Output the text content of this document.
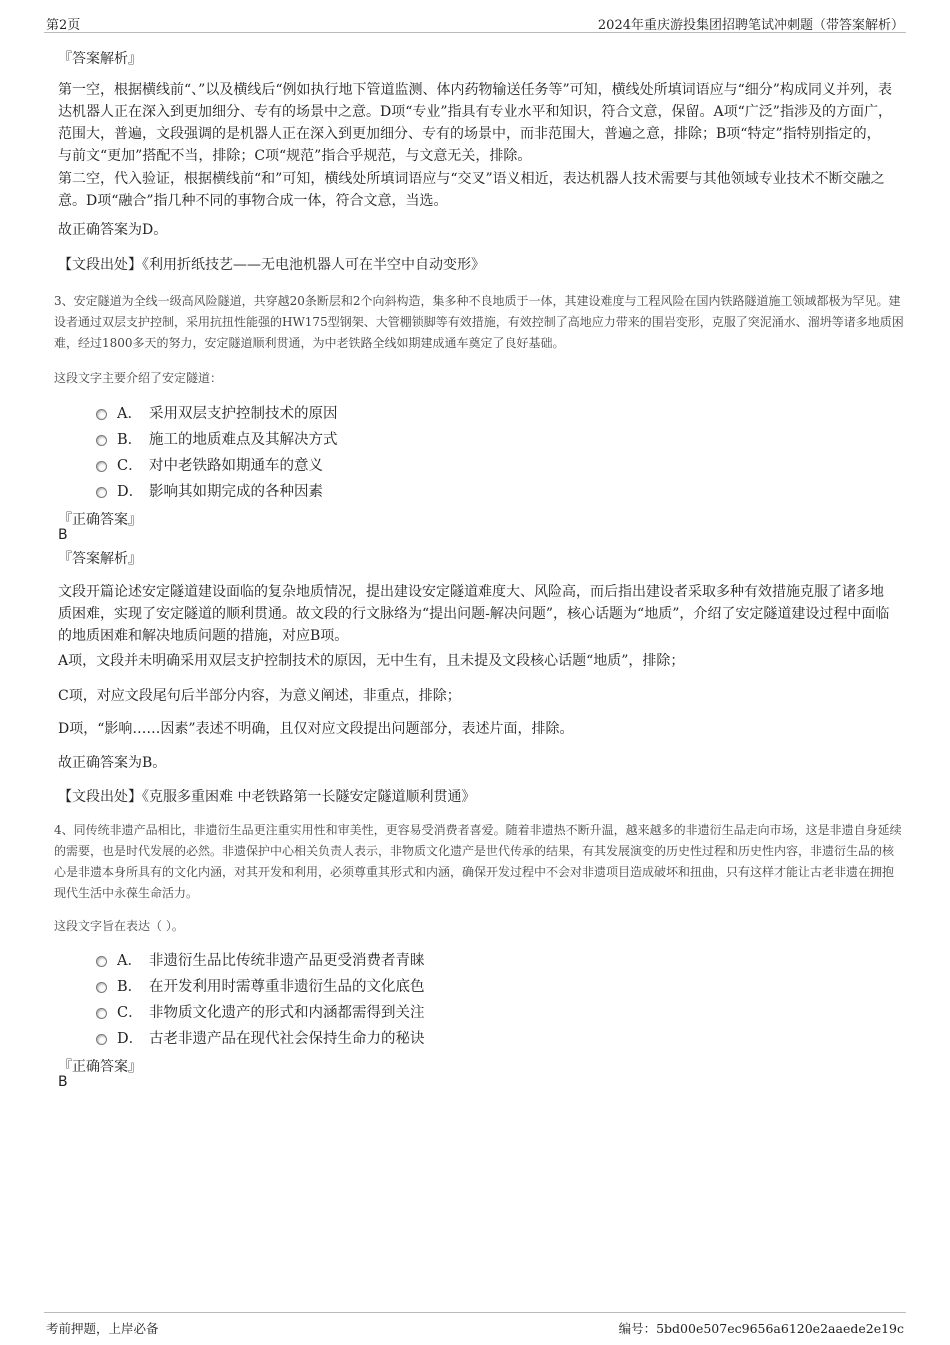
第2页	2024年重庆游投集团招聘笔试冲刺题（带答案解析）
『答案解析』

第一空，根据横线前“、”以及横线后“例如执行地下管道监测、体内药物输送任务等”可知，横线处所填词语应与“细分”构成同义并列，表达机器人正在深入到更加细分、专有的场景中之意。D项“专业”指具有专业水平和知识，符合文意，保留。A项“广泛”指涉及的方面广，范围大，普遍，文段强调的是机器人正在深入到更加细分、专有的场景中，而非范围大，普遍之意，排除；B项“特定”指特别指定的，与前文“更加”搭配不当，排除；C项“规范”指合乎规范，与文意无关，排除。

第二空，代入验证，根据横线前“和”可知，横线处所填词语应与“交叉”语义相近，表达机器人技术需要与其他领域专业技术不断交融之意。D项“融合”指几种不同的事物合成一体，符合文意，当选。

故正确答案为D。

【文段出处】《利用折纸技艺——无电池机器人可在半空中自动变形》

3、安定隧道为全线一级高风险隧道，共穿越20条断层和2个向斜构造，集多种不良地质于一体，其建设难度与工程风险在国内铁路隧道施工领域都极为罕见。建设者通过双层支护控制，采用抗扭性能强的HW175型钢架、大管棚锁脚等有效措施，有效控制了高地应力带来的围岩变形，克服了突泥涌水、溜坍等诸多地质困难，经过1800多天的努力，安定隧道顺利贯通，为中老铁路全线如期建成通车奠定了良好基础。

这段文字主要介绍了安定隧道：
A． 采用双层支护控制技术的原因
B． 施工的地质难点及其解决方式
C． 对中老铁路如期通车的意义
D． 影响其如期完成的各种因素
『正确答案』
B
『答案解析』

文段开篇论述安定隧道建设面临的复杂地质情况，提出建设安定隧道难度大、风险高，而后指出建设者采取多种有效措施克服了诸多地质困难，实现了安定隧道的顺利贯通。故文段的行文脉络为“提出问题-解决问题”，核心话题为“地质”，介绍了安定隧道建设过程中面临的地质困难和解决地质问题的措施，对应B项。

A项，文段并未明确采用双层支护控制技术的原因，无中生有，且未提及文段核心话题“地质”，排除；

C项，对应文段尾句后半部分内容，为意义阐述，非重点，排除；

D项，“影响……因素”表述不明确，且仅对应文段提出问题部分，表述片面，排除。

故正确答案为B。

【文段出处】《克服多重困难 中老铁路第一长隧安定隧道顺利贯通》

4、同传统非遗产品相比，非遗衍生品更注重实用性和审美性，更容易受消费者喜爱。随着非遗热不断升温，越来越多的非遗衍生品走向市场，这是非遗自身延续的需要，也是时代发展的必然。非遗保护中心相关负责人表示，非物质文化遗产是世代传承的结果，有其发展演变的历史性过程和历史性内容，非遗衍生品的核心是非遗本身所具有的文化内涵，对其开发和利用，必须尊重其形式和内涵，确保开发过程中不会对非遗项目造成破坏和扭曲，只有这样才能让古老非遗在拥抱现代生活中永葆生命活力。

这段文字旨在表达（ ）。
A． 非遗衍生品比传统非遗产品更受消费者青睐
B． 在开发利用时需尊重非遗衍生品的文化底色
C． 非物质文化遗产的形式和内涵都需得到关注
D． 古老非遗产品在现代社会保持生命力的秘诀
『正确答案』
B
考前押题，上岸必备	编号：5bd00e507ec9656a6120e2aaede2e19c
